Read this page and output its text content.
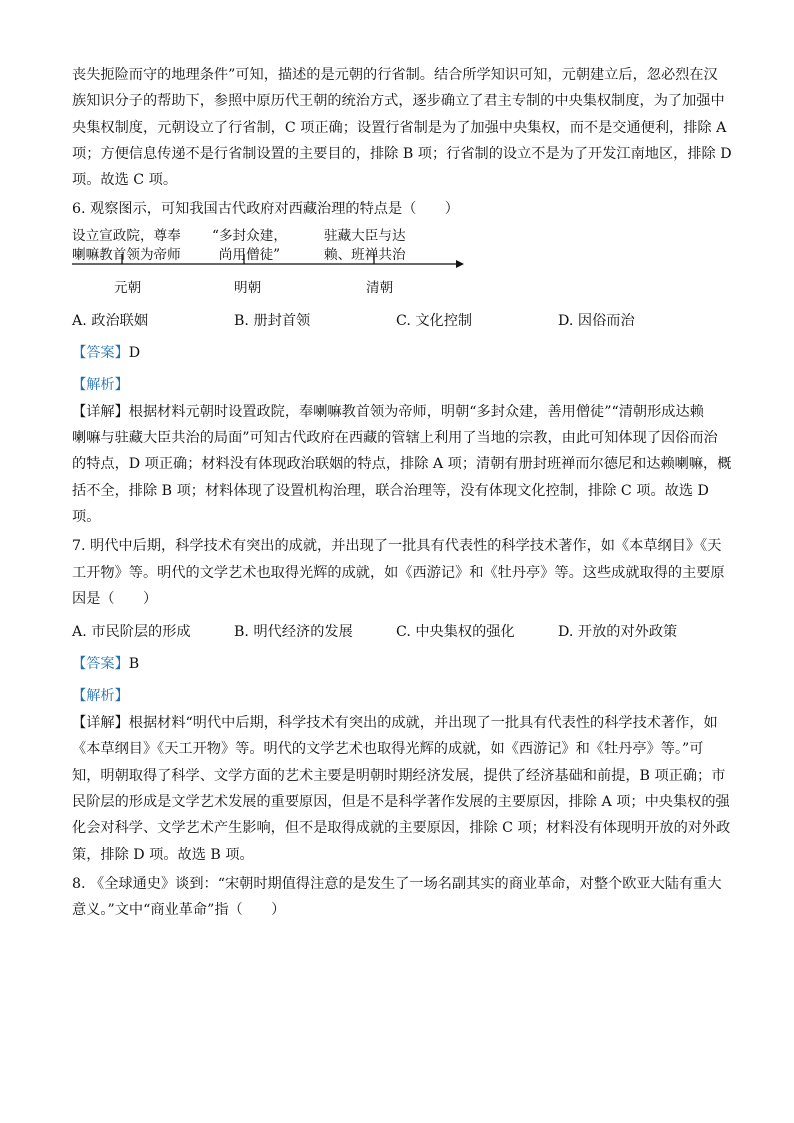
丧失扼险而守的地理条件”可知，描述的是元朝的行省制。结合所学知识可知，元朝建立后，忽必烈在汉
族知识分子的帮助下，参照中原历代王朝的统治方式，逐步确立了君主专制的中央集权制度，为了加强中
央集权制度，元朝设立了行省制，C 项正确；设置行省制是为了加强中央集权，而不是交通便利，排除 A
项；方便信息传递不是行省制设置的主要目的，排除 B 项；行省制的设立不是为了开发江南地区，排除 D
项。故选 C 项。
6. 观察图示，可知我国古代政府对西藏治理的特点是（　　）
设立宣政院，尊奉
喇嘛教首领为帝师
“多封众建，
尚用僧徒”
驻藏大臣与达
赖、班禅共治
元朝	明朝	清朝
A. 政治联姻	B. 册封首领	C. 文化控制	D. 因俗而治
【答案】D
【解析】
【详解】根据材料元朝时设置政院，奉喇嘛教首领为帝师，明朝“多封众建，善用僧徒”“清朝形成达赖
喇嘛与驻藏大臣共治的局面”可知古代政府在西藏的管辖上利用了当地的宗教，由此可知体现了因俗而治
的特点，D 项正确；材料没有体现政治联姻的特点，排除 A 项；清朝有册封班禅而尔德尼和达赖喇嘛，概
括不全，排除 B 项；材料体现了设置机构治理，联合治理等，没有体现文化控制，排除 C 项。故选 D
项。
7. 明代中后期，科学技术有突出的成就，并出现了一批具有代表性的科学技术著作，如《本草纲目》《天
工开物》等。明代的文学艺术也取得光辉的成就，如《西游记》和《牡丹亭》等。这些成就取得的主要原
因是（　　）
A. 市民阶层的形成	B. 明代经济的发展	C. 中央集权的强化	D. 开放的对外政策
【答案】B
【解析】
【详解】根据材料“明代中后期，科学技术有突出的成就，并出现了一批具有代表性的科学技术著作，如
《本草纲目》《天工开物》等。明代的文学艺术也取得光辉的成就，如《西游记》和《牡丹亭》等。”可
知，明朝取得了科学、文学方面的艺术主要是明朝时期经济发展，提供了经济基础和前提，B 项正确；市
民阶层的形成是文学艺术发展的重要原因，但是不是科学著作发展的主要原因，排除 A 项；中央集权的强
化会对科学、文学艺术产生影响，但不是取得成就的主要原因，排除 C 项；材料没有体现明开放的对外政
策，排除 D 项。故选 B 项。
8. 《全球通史》谈到：“宋朝时期值得注意的是发生了一场名副其实的商业革命，对整个欧亚大陆有重大
意义。”文中“商业革命”指（　　）
